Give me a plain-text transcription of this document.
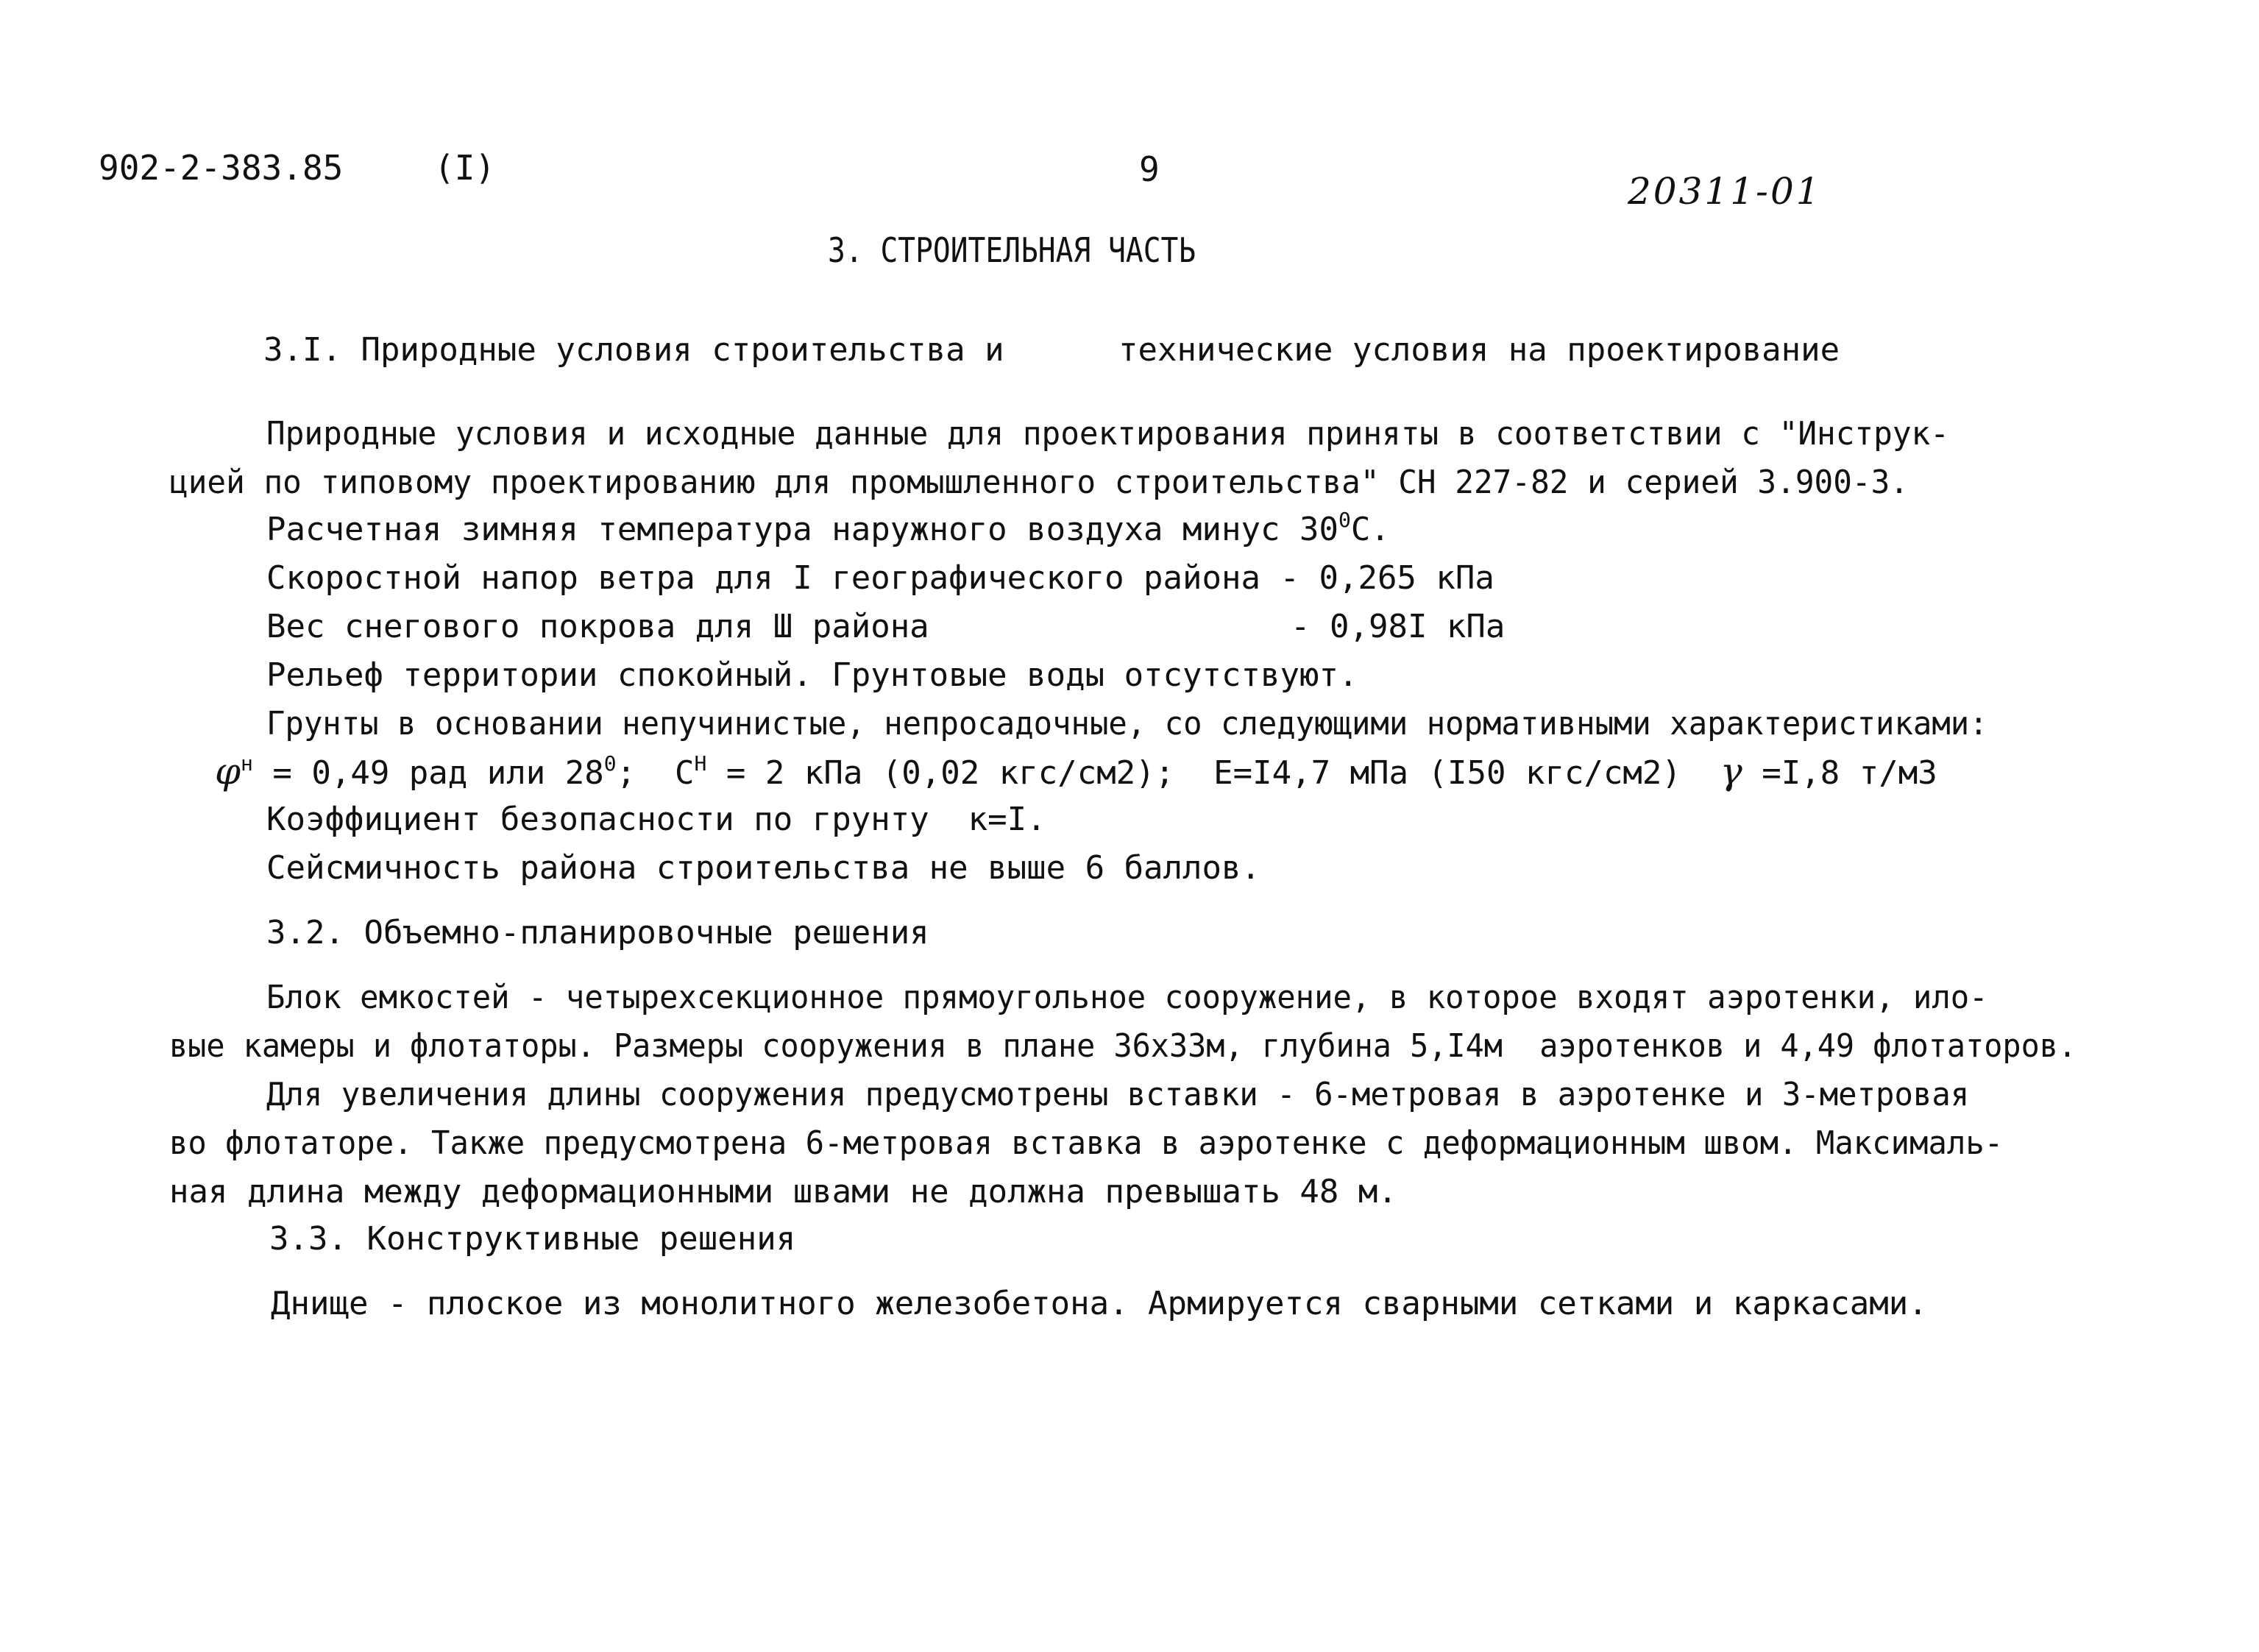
902-2-383.85	(I)	9
20311-01
3. СТРОИТЕЛЬНАЯ ЧАСТЬ
3.I. Природные условия строительства и	технические условия на проектирование
Природные условия и исходные данные для проектирования приняты в соответствии с "Инструк-
цией по типовому проектированию для промышленного строительства" СН 227-82 и серией 3.900-3.
Расчетная зимняя температура наружного воздуха минус $30^0С$.
Скоростной напор ветра для I географического района - 0,265 кПа
Вес снегового покрова для Ш района	- 0,98I кПа
Рельеф территории спокойный. Грунтовые воды отсутствуют.
Грунты в основании непучинистые, непросадочные, со следующими нормативными характеристиками:
$\varphi^н = 0,49$ рад или $28^0$;  $С^Н = 2$ кПа (0,02 кгс/см2);  Е=I4,7 мПа (I50 кгс/см2) γ =I,8 т/м3
Коэффициент безопасности по грунту  к=I.
Сейсмичность района строительства не выше 6 баллов.
3.2. Объемно-планировочные решения
Блок емкостей - четырехсекционное прямоугольное сооружение, в которое входят аэротенки, ило-
вые камеры и флотаторы. Размеры сооружения в плане 36х33м, глубина 5,I4м  аэротенков и 4,49 флотаторов.
Для увеличения длины сооружения предусмотрены вставки - 6-метровая в аэротенке и 3-метровая
во флотаторе. Также предусмотрена 6-метровая вставка в аэротенке с деформационным швом. Максималь-
ная длина между деформационными швами не должна превышать 48 м.
3.3. Конструктивные решения
Днище - плоское из монолитного железобетона. Армируется сварными сетками и каркасами.
